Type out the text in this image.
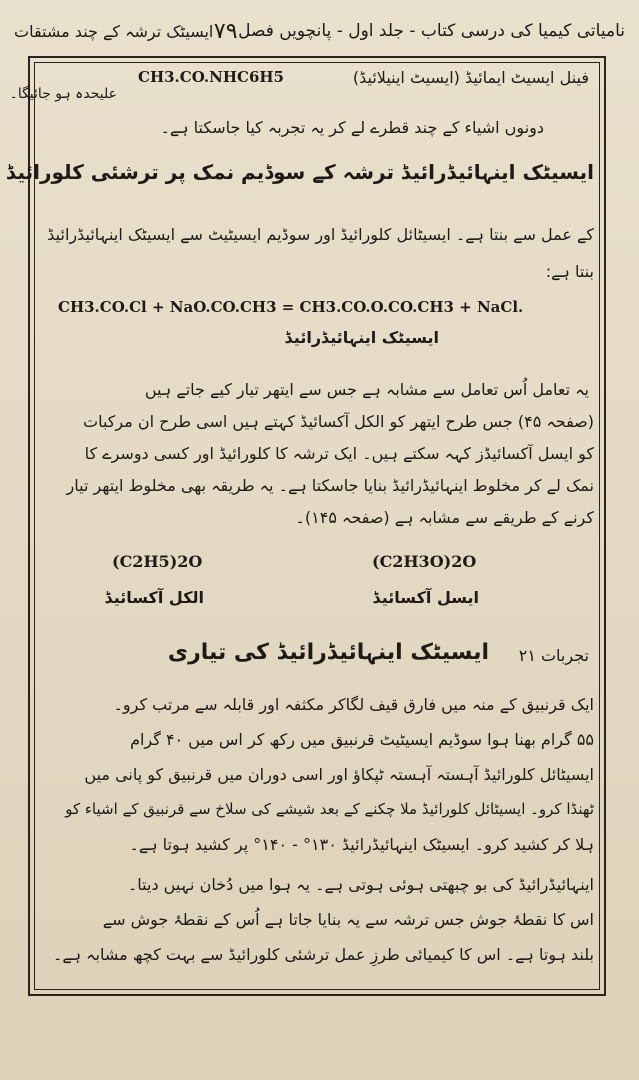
نامیاتی کیمیا کی درسی کتاب - جلد اول - پانچویں فصل
۷۹
ایسیٹک ترشہ کے چند مشتقات
فینل ایسیٹ ایمائیڈ (ایسیٹ اینیلائیڈ)
CH3.CO.NHC6H5
علیحدہ ہو جائیگا۔
دونوں اشیاء کے چند قطرے لے کر یہ تجربہ کیا جاسکتا ہے۔
ایسیٹک اینہائیڈرائیڈ ترشہ کے سوڈیم نمک پر ترشئی کلورائیڈ
کے عمل سے بنتا ہے۔ ایسیٹائل کلورائیڈ اور سوڈیم ایسیٹیٹ سے ایسیٹک اینہائیڈرائیڈ
بنتا ہے:
CH3.CO.Cl + NaO.CO.CH3 = CH3.CO.O.CO.CH3 + NaCl.
ایسیٹک اینہائیڈرائیڈ
یہ تعامل اُس تعامل سے مشابہ ہے جس سے ایتھر تیار کیے جاتے ہیں
(صفحہ ۴۵) جس طرح ایتھر کو الکل آکسائیڈ کہتے ہیں اسی طرح ان مرکبات
کو ایسل آکسائیڈز کہہ سکتے ہیں۔ ایک ترشہ کا کلورائیڈ اور کسی دوسرے کا
نمک لے کر مخلوط اینہائیڈرائیڈ بنایا جاسکتا ہے۔ یہ طریقہ بھی مخلوط ایتھر تیار
کرنے کے طریقے سے مشابہ ہے (صفحہ ۱۴۵)۔
(C2H5)2O	(C2H3O)2O
الکل آکسائیڈ	ایسل آکسائیڈ
تجربات ۲۱
ایسیٹک اینہائیڈرائیڈ کی تیاری
ایک قرنبیق کے منہ میں فارق قیف لگاکر مکثفہ اور قابلہ سے مرتب کرو۔
۵۵ گرام بھنا ہوا سوڈیم ایسیٹیٹ قرنبیق میں رکھ کر اس میں ۴۰ گرام
ایسیٹائل کلورائیڈ آہستہ آہستہ ٹپکاؤ اور اسی دوران میں قرنبیق کو پانی میں
ٹھنڈا کرو۔ ایسیٹائل کلورائیڈ ملا چکنے کے بعد شیشے کی سلاخ سے قرنبیق کے اشیاء کو
ہلا کر کشید کرو۔ ایسیٹک اینہائیڈرائیڈ ۱۳۰° - ۱۴۰° پر کشید ہوتا ہے۔
اینہائیڈرائیڈ کی بو چبھتی ہوئی ہوتی ہے۔ یہ ہوا میں دُخان نہیں دیتا۔
اس کا نقطۂ جوش جس ترشہ سے یہ بنایا جاتا ہے اُس کے نقطۂ جوش سے
بلند ہوتا ہے۔ اس کا کیمیائی طرزِ عمل ترشئی کلورائیڈ سے بہت کچھ مشابہ ہے۔
